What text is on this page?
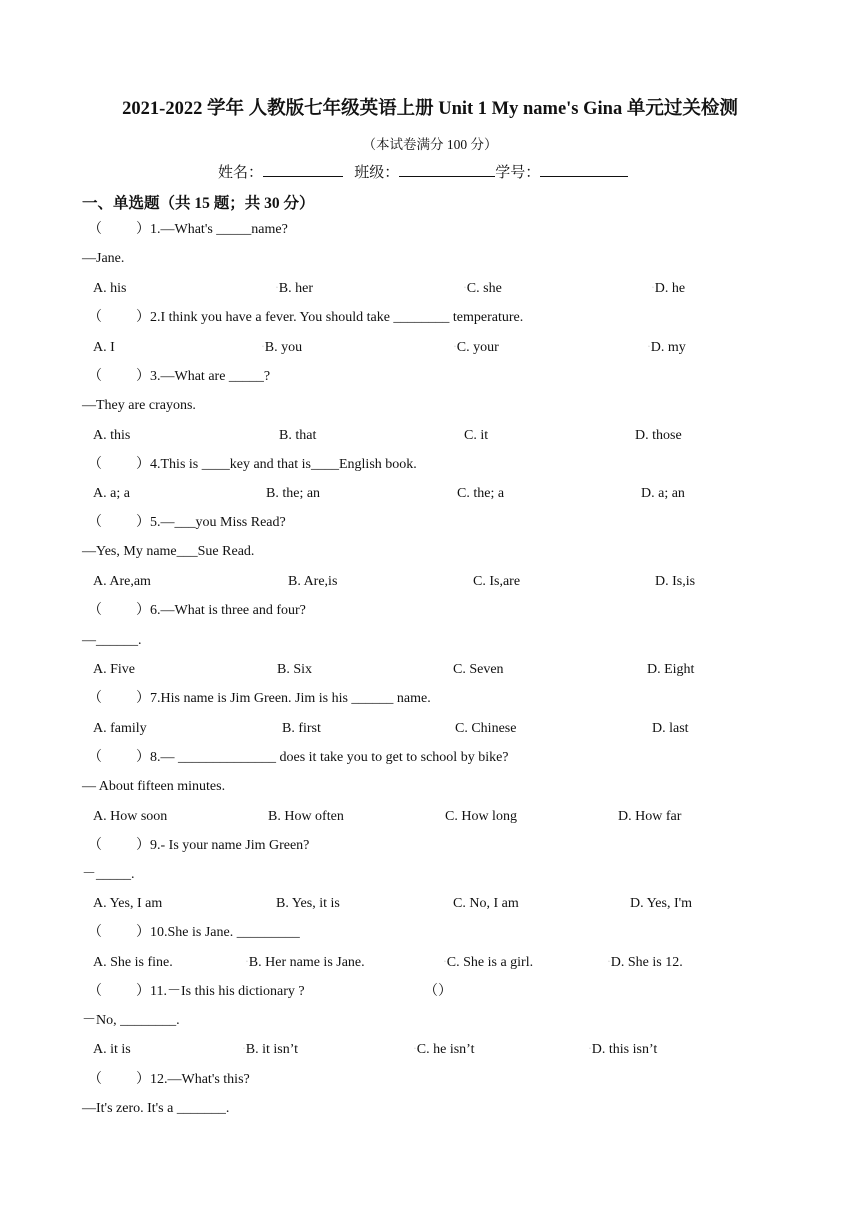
2021-2022 学年 人教版七年级英语上册 Unit 1 My name's Gina 单元过关检测
（本试卷满分 100 分）
姓名：	班级：	学号：
一、单选题（共 15 题；共 30 分）
（ ）1.—What's _____name?
—Jane.
A. his	▫B. her	▫C. she	▫D. he
（ ）2.I think you have a fever. You should take ________ temperature.
A. I	▫B. you	▫C. your	▫D. my
（ ）3.—What are _____?
—They are crayons.
A. this	B. that	C. it	D. those
（ ）4.This is ____key and that is____English book.
A. a; a	B. the; an	C. the; a	D. a; an
（ ）5.—___you Miss Read?
—Yes, My name___Sue Read.
A. Are,am	B. Are,is	C. Is,are	D. Is,is
（ ）6.—What is three and four?
—______.
A. Five	B. Six	C. Seven	D. Eight
（ ）7.His name is Jim Green. Jim is his ______ name.
A. family	B. first	C. Chinese	D. last
（ ）8.— ______________ does it take you to get to school by bike?
— About fifteen minutes.
A. How soon	B. How often	C. How long	D. How far
（ ）9.- Is your name Jim Green?
－_____.
A. Yes, I am	B. Yes, it is	C. No, I am	D. Yes, I'm
（ ）10.She is Jane. _________
A. She is fine.	▫B. Her name is Jane.	▫C. She is a girl.	▫D. She is 12.
（ ）11.－Is this his dictionary ?	（）
－No, ________.
A. it is	▫B. it isn’t	▫C. he isn’t	▫D. this isn’t
（ ）12.—What's this?
—It's zero. It's a _______.
